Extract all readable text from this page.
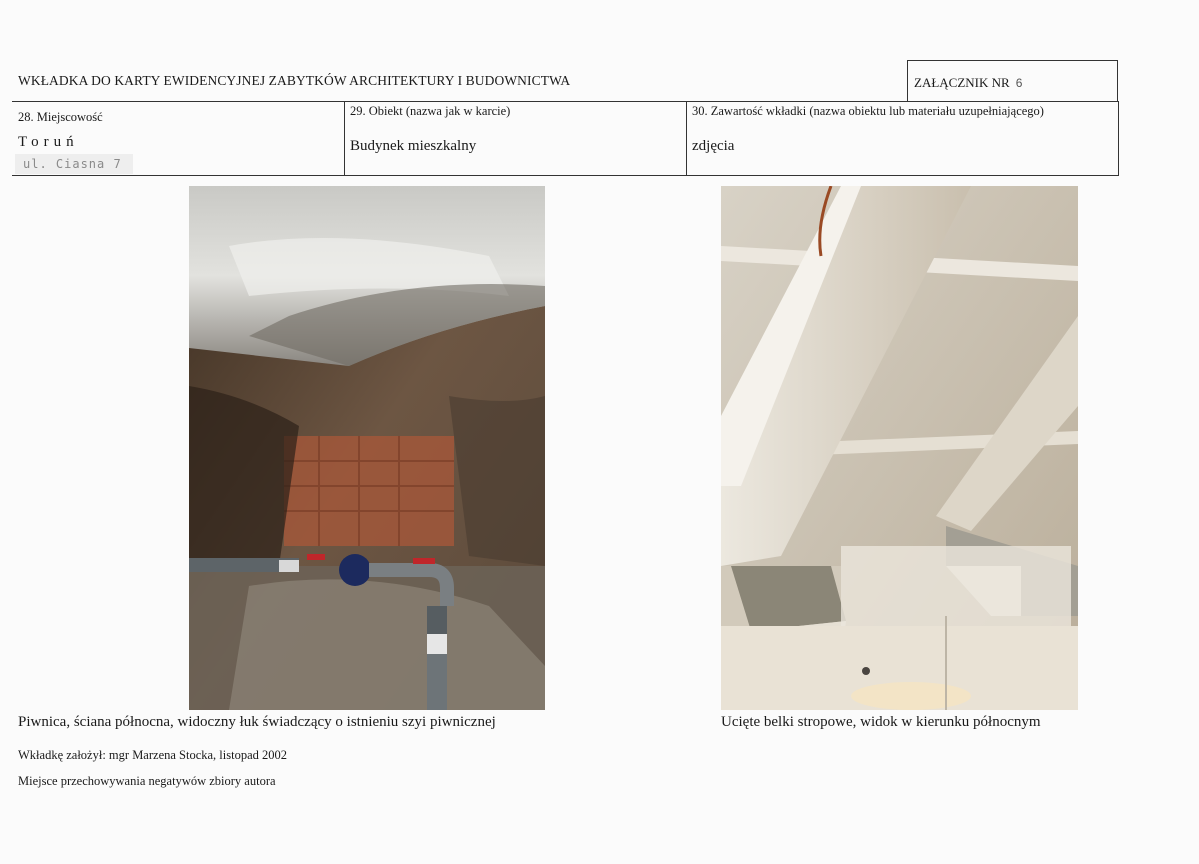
WKŁADKA DO KARTY EWIDENCYJNEJ ZABYTKÓW ARCHITEKTURY I BUDOWNICTWA	ZAŁĄCZNIK NR 6
28. Miejscowość
Toruń
ul. Ciasna 7
29. Obiekt (nazwa jak w karcie)
Budynek mieszkalny
30. Zawartość wkładki (nazwa obiektu lub materiału uzupełniającego)
zdjęcia
Piwnica, ściana północna, widoczny łuk świadczący o istnieniu szyi piwnicznej	Ucięte belki stropowe, widok w kierunku północnym
Wkładkę założył: mgr Marzena Stocka, listopad 2002
Miejsce przechowywania negatywów zbiory autora
